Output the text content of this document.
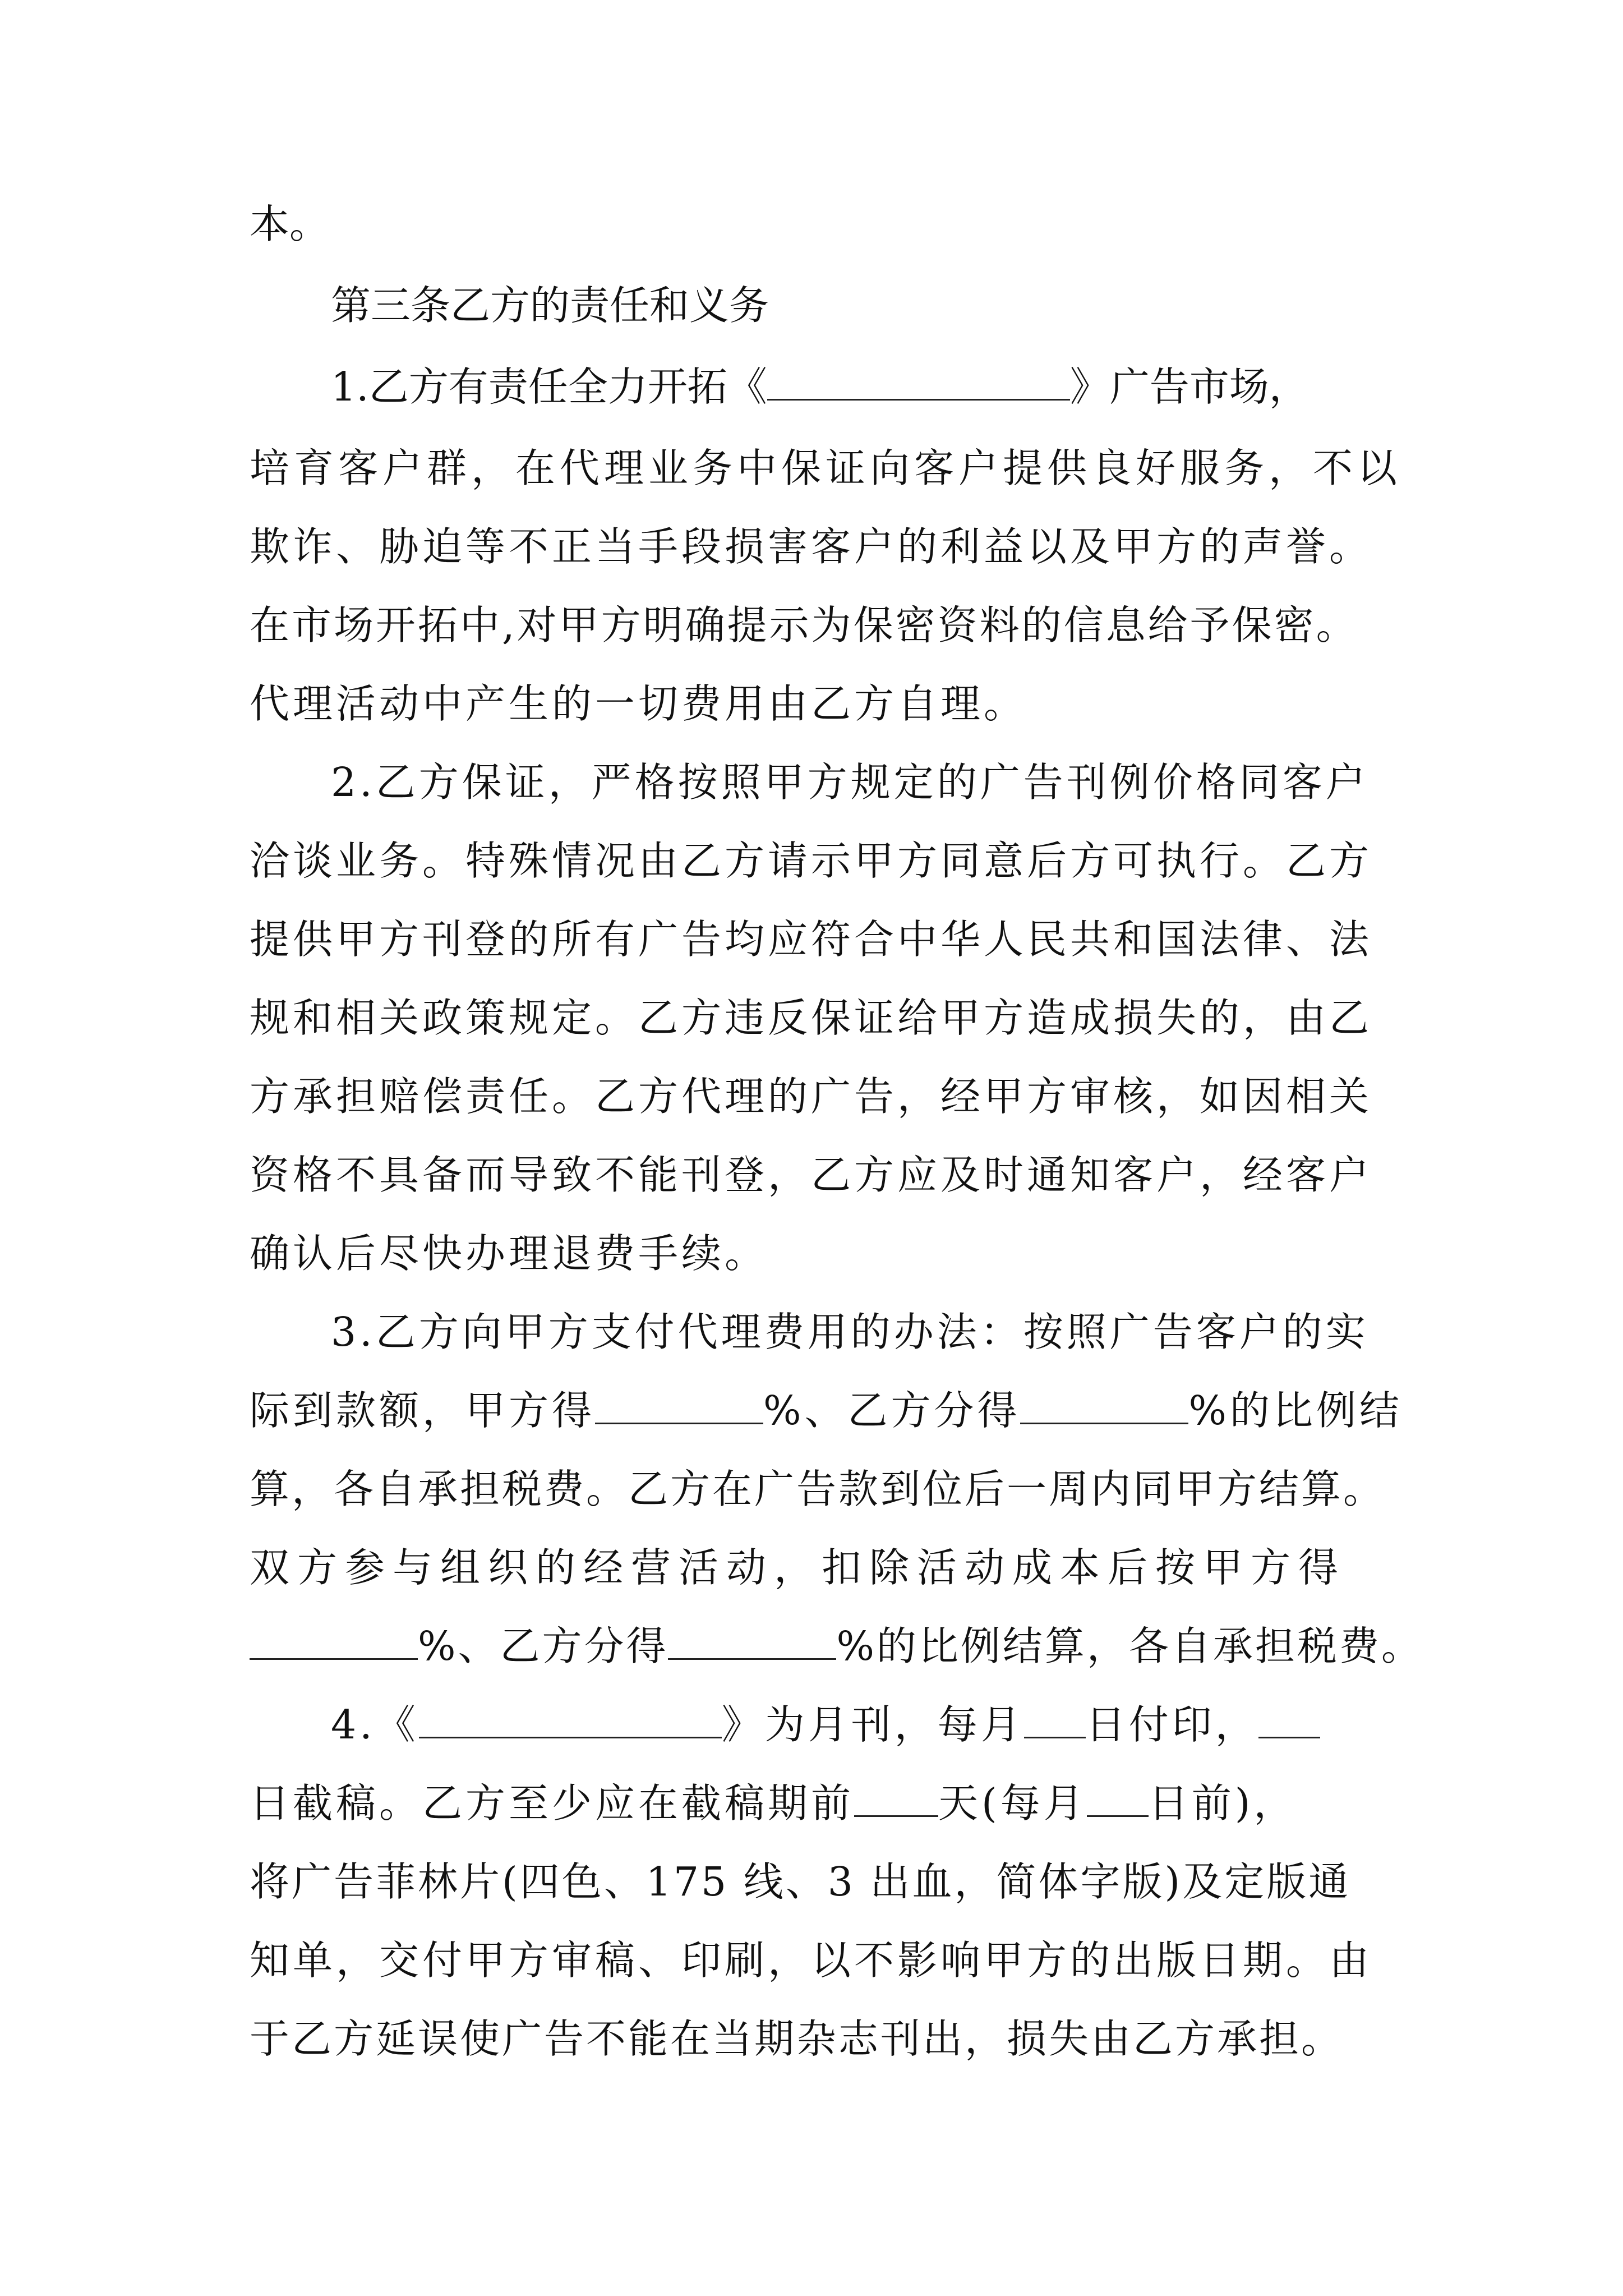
本。
第三条乙方的责任和义务
1.乙方有责任全力开拓《	》广告市场，
培育客户群，在代理业务中保证向客户提供良好服务，不以
欺诈、胁迫等不正当手段损害客户的利益以及甲方的声誉。
在市场开拓中,对甲方明确提示为保密资料的信息给予保密。
代理活动中产生的一切费用由乙方自理。
2.乙方保证，严格按照甲方规定的广告刊例价格同客户
洽谈业务。特殊情况由乙方请示甲方同意后方可执行。乙方
提供甲方刊登的所有广告均应符合中华人民共和国法律、法
规和相关政策规定。乙方违反保证给甲方造成损失的，由乙
方承担赔偿责任。乙方代理的广告，经甲方审核，如因相关
资格不具备而导致不能刊登，乙方应及时通知客户，经客户
确认后尽快办理退费手续。
3.乙方向甲方支付代理费用的办法：按照广告客户的实
际到款额，甲方得	%、乙方分得	%的比例结
算，各自承担税费。乙方在广告款到位后一周内同甲方结算。
双方参与组织的经营活动，扣除活动成本后按甲方得
%、乙方分得	%的比例结算，各自承担税费。
4.《	》为月刊，每月 日付印，
日截稿。乙方至少应在截稿期前 天(每月 日前)，
将广告菲林片(四色、175 线、3 出血，简体字版)及定版通
知单，交付甲方审稿、印刷，以不影响甲方的出版日期。由
于乙方延误使广告不能在当期杂志刊出，损失由乙方承担。
